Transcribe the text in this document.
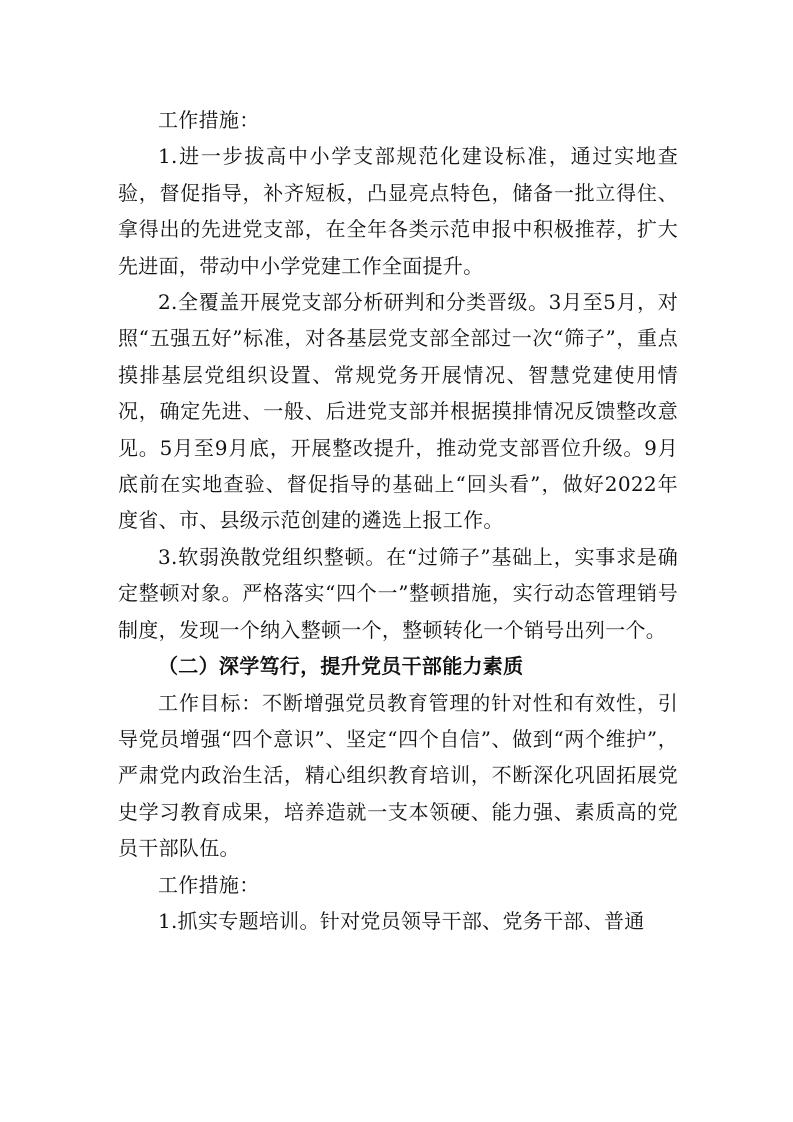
工作措施：

1.进一步拔高中小学支部规范化建设标准，通过实地查验，督促指导，补齐短板，凸显亮点特色，储备一批立得住、拿得出的先进党支部，在全年各类示范申报中积极推荐，扩大先进面，带动中小学党建工作全面提升。

2.全覆盖开展党支部分析研判和分类晋级。3月至5月，对照“五强五好”标准，对各基层党支部全部过一次“筛子”，重点摸排基层党组织设置、常规党务开展情况、智慧党建使用情况，确定先进、一般、后进党支部并根据摸排情况反馈整改意见。5月至9月底，开展整改提升，推动党支部晋位升级。9月底前在实地查验、督促指导的基础上“回头看”，做好2022年度省、市、县级示范创建的遴选上报工作。

3.软弱涣散党组织整顿。在“过筛子”基础上，实事求是确定整顿对象。严格落实“四个一”整顿措施，实行动态管理销号制度，发现一个纳入整顿一个，整顿转化一个销号出列一个。

（二）深学笃行，提升党员干部能力素质

工作目标：不断增强党员教育管理的针对性和有效性，引导党员增强“四个意识”、坚定“四个自信”、做到“两个维护”，严肃党内政治生活，精心组织教育培训，不断深化巩固拓展党史学习教育成果，培养造就一支本领硬、能力强、素质高的党员干部队伍。

工作措施：

1.抓实专题培训。针对党员领导干部、党务干部、普通
